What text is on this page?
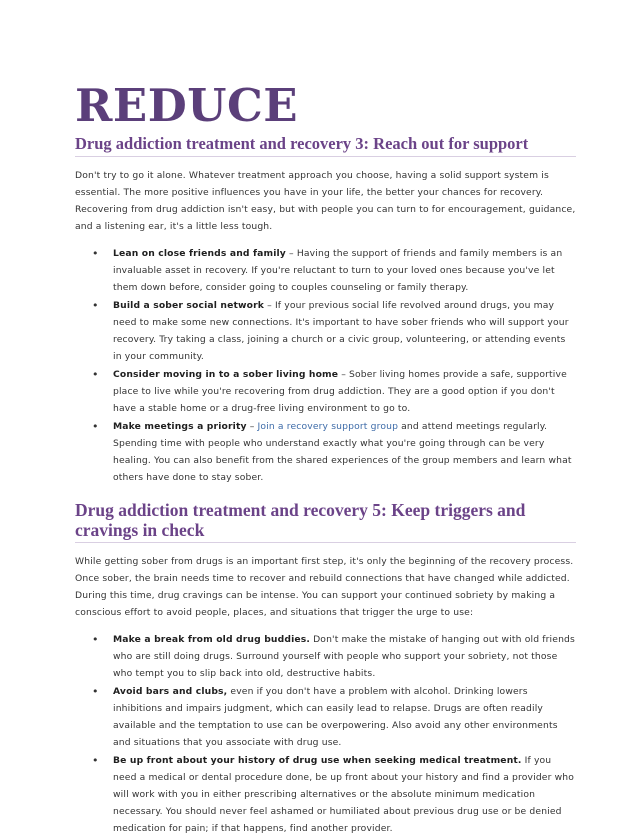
REDUCE
Drug addiction treatment and recovery 3: Reach out for support

Don't try to go it alone. Whatever treatment approach you choose, having a solid support system is essential. The more positive influences you have in your life, the better your chances for recovery. Recovering from drug addiction isn't easy, but with people you can turn to for encouragement, guidance, and a listening ear, it's a little less tough.

• Lean on close friends and family – Having the support of friends and family members is an invaluable asset in recovery. If you're reluctant to turn to your loved ones because you've let them down before, consider going to couples counseling or family therapy.
• Build a sober social network – If your previous social life revolved around drugs, you may need to make some new connections. It's important to have sober friends who will support your recovery. Try taking a class, joining a church or a civic group, volunteering, or attending events in your community.
• Consider moving in to a sober living home – Sober living homes provide a safe, supportive place to live while you're recovering from drug addiction. They are a good option if you don't have a stable home or a drug-free living environment to go to.
• Make meetings a priority – Join a recovery support group and attend meetings regularly. Spending time with people who understand exactly what you're going through can be very healing. You can also benefit from the shared experiences of the group members and learn what others have done to stay sober.
Drug addiction treatment and recovery 5: Keep triggers and cravings in check

While getting sober from drugs is an important first step, it's only the beginning of the recovery process. Once sober, the brain needs time to recover and rebuild connections that have changed while addicted. During this time, drug cravings can be intense. You can support your continued sobriety by making a conscious effort to avoid people, places, and situations that trigger the urge to use:

• Make a break from old drug buddies. Don't make the mistake of hanging out with old friends who are still doing drugs. Surround yourself with people who support your sobriety, not those who tempt you to slip back into old, destructive habits.
• Avoid bars and clubs, even if you don't have a problem with alcohol. Drinking lowers inhibitions and impairs judgment, which can easily lead to relapse. Drugs are often readily available and the temptation to use can be overpowering. Also avoid any other environments and situations that you associate with drug use.
• Be up front about your history of drug use when seeking medical treatment. If you need a medical or dental procedure done, be up front about your history and find a provider who will work with you in either prescribing alternatives or the absolute minimum medication necessary. You should never feel ashamed or humiliated about previous drug use or be denied medication for pain; if that happens, find another provider.
